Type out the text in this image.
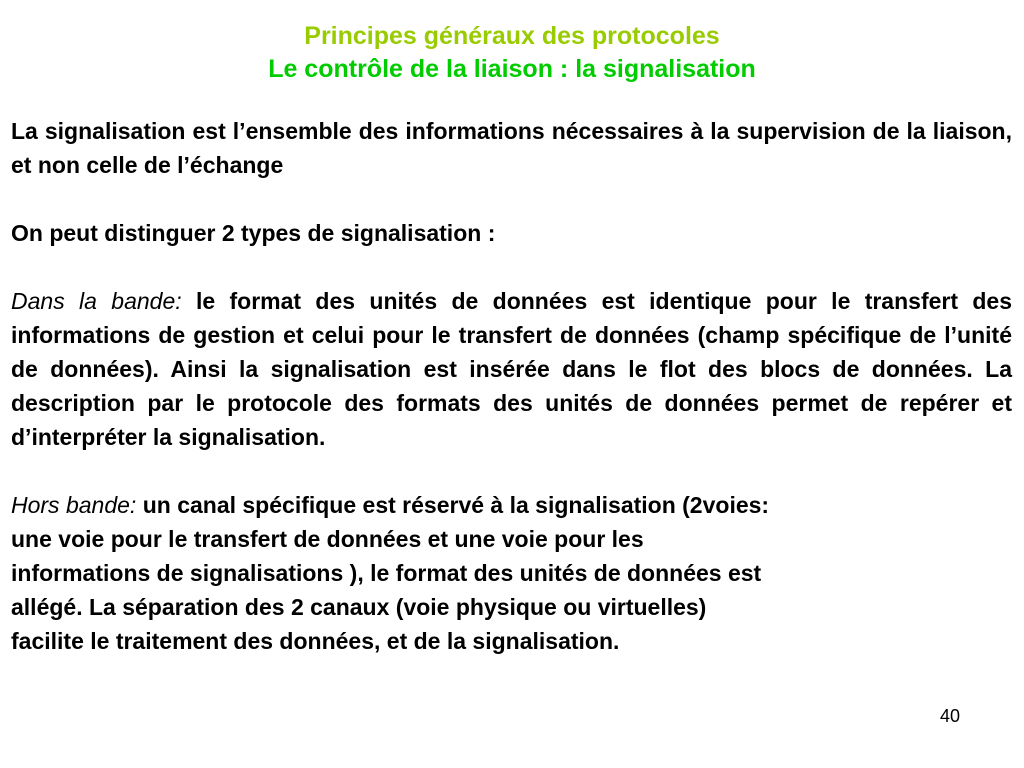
Principes généraux des protocoles
Le contrôle de la liaison : la signalisation

La signalisation est l’ensemble des informations nécessaires à la supervision de la liaison, et non celle de l’échange

On peut distinguer 2 types de signalisation :

Dans la bande: le format des unités de données est identique pour le transfert des informations de gestion et celui pour le transfert de données (champ spécifique de l’unité de données). Ainsi la signalisation est insérée dans le flot des blocs de données. La description par le protocole des formats des unités de données permet de repérer et d’interpréter la signalisation.

Hors bande: un canal spécifique est réservé à la signalisation (2voies:
une voie pour le transfert de données et une voie pour les
informations de signalisations ), le format des unités de données est
allégé. La séparation des 2 canaux (voie physique ou virtuelles)
facilite le traitement des données, et de la signalisation.

40
